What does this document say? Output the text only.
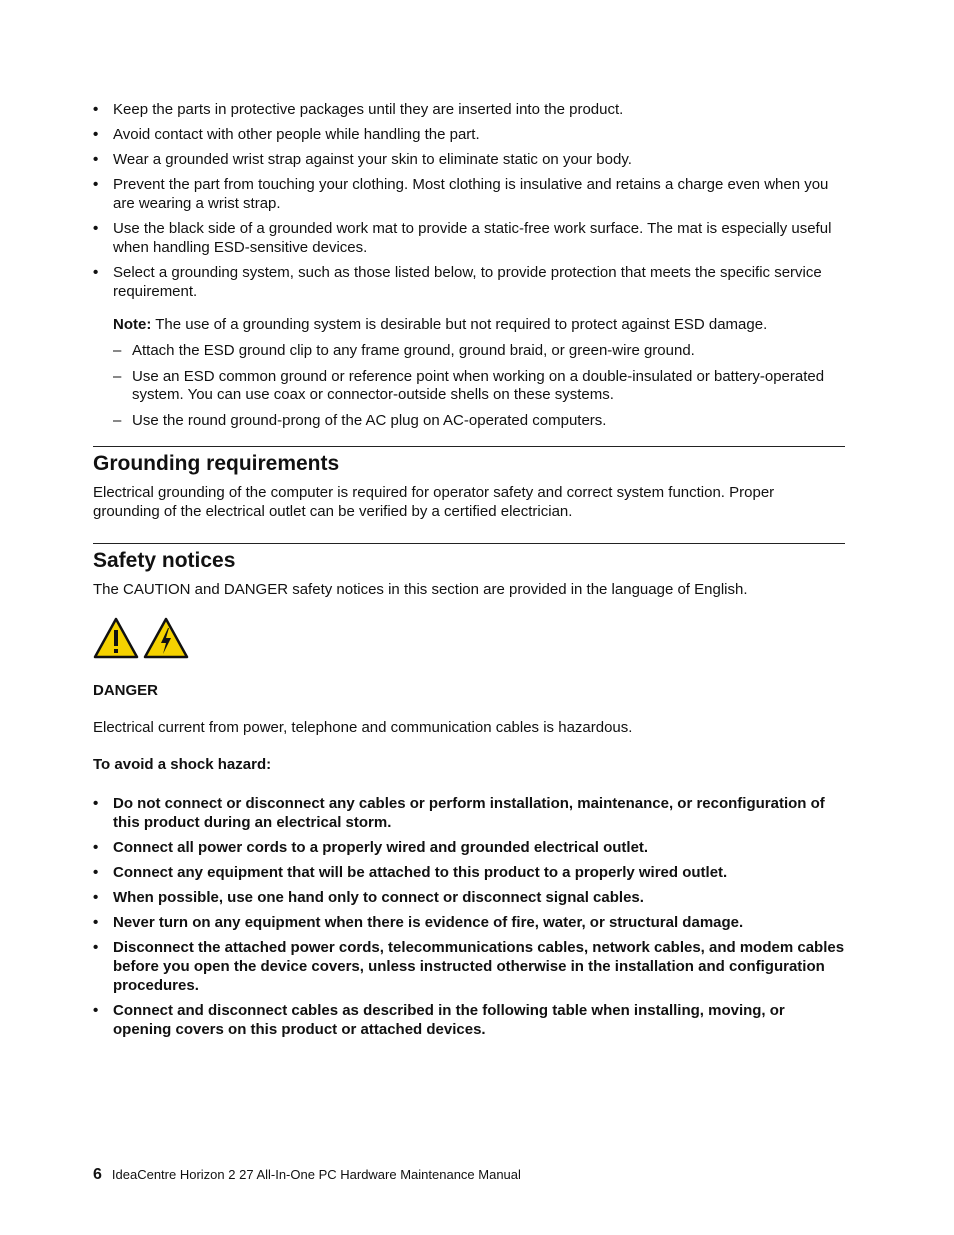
• Keep the parts in protective packages until they are inserted into the product.
• Avoid contact with other people while handling the part.
• Wear a grounded wrist strap against your skin to eliminate static on your body.
• Prevent the part from touching your clothing. Most clothing is insulative and retains a charge even when you are wearing a wrist strap.
• Use the black side of a grounded work mat to provide a static-free work surface. The mat is especially useful when handling ESD-sensitive devices.
• Select a grounding system, such as those listed below, to provide protection that meets the specific service requirement.
Note: The use of a grounding system is desirable but not required to protect against ESD damage.
– Attach the ESD ground clip to any frame ground, ground braid, or green-wire ground.
– Use an ESD common ground or reference point when working on a double-insulated or battery-operated system. You can use coax or connector-outside shells on these systems.
– Use the round ground-prong of the AC plug on AC-operated computers.
Grounding requirements

Electrical grounding of the computer is required for operator safety and correct system function. Proper grounding of the electrical outlet can be verified by a certified electrician.

Safety notices

The CAUTION and DANGER safety notices in this section are provided in the language of English.

DANGER
Electrical current from power, telephone and communication cables is hazardous.
To avoid a shock hazard:
• Do not connect or disconnect any cables or perform installation, maintenance, or reconfiguration of this product during an electrical storm.
• Connect all power cords to a properly wired and grounded electrical outlet.
• Connect any equipment that will be attached to this product to a properly wired outlet.
• When possible, use one hand only to connect or disconnect signal cables.
• Never turn on any equipment when there is evidence of fire, water, or structural damage.
• Disconnect the attached power cords, telecommunications cables, network cables, and modem cables before you open the device covers, unless instructed otherwise in the installation and configuration procedures.
• Connect and disconnect cables as described in the following table when installing, moving, or opening covers on this product or attached devices.
6 IdeaCentre Horizon 2 27 All-In-One PC Hardware Maintenance Manual
